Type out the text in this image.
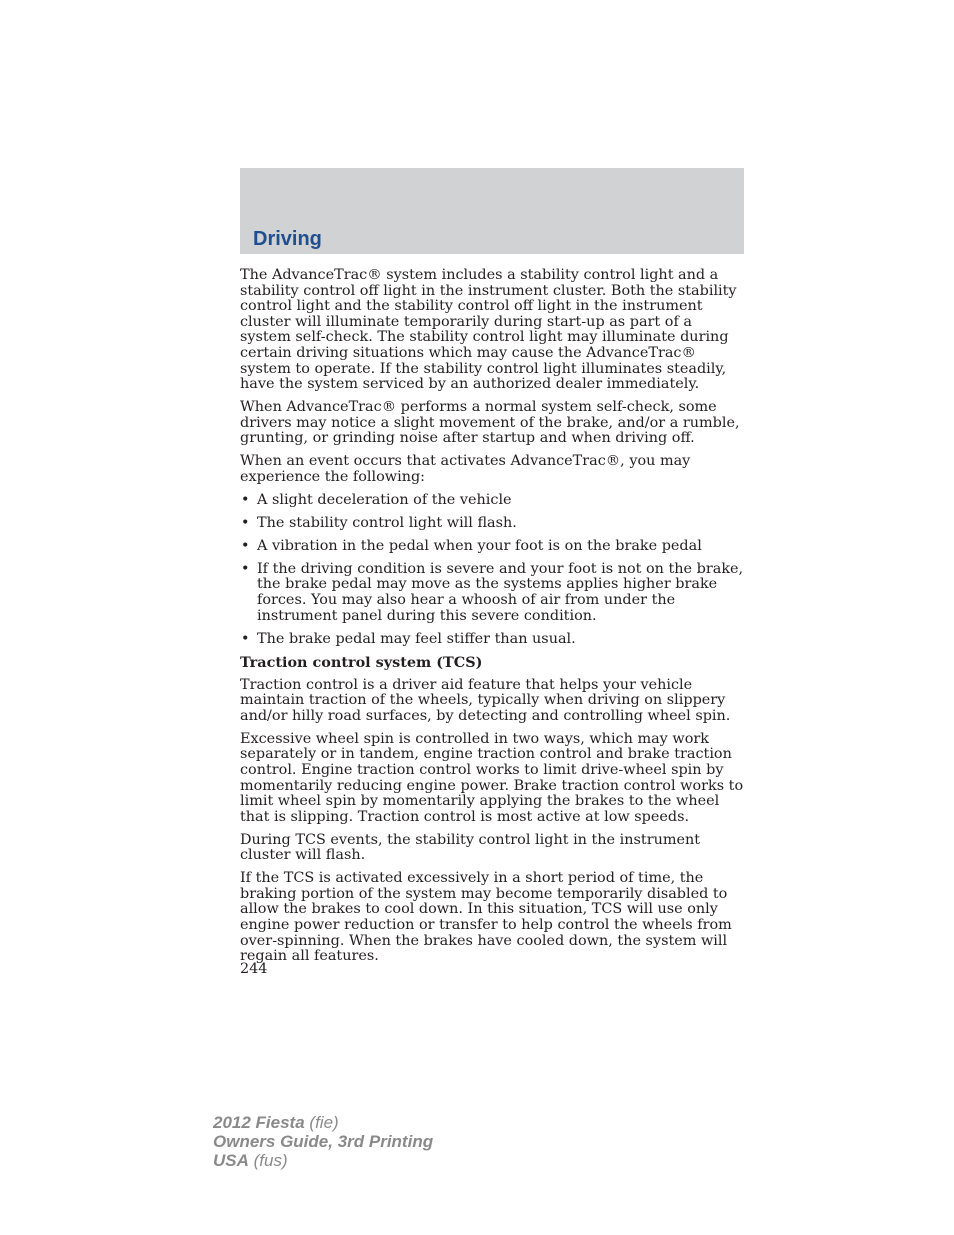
Driving

The AdvanceTrac® system includes a stability control light and a stability control off light in the instrument cluster. Both the stability control light and the stability control off light in the instrument cluster will illuminate temporarily during start-up as part of a system self-check. The stability control light may illuminate during certain driving situations which may cause the AdvanceTrac® system to operate. If the stability control light illuminates steadily, have the system serviced by an authorized dealer immediately.

When AdvanceTrac® performs a normal system self-check, some drivers may notice a slight movement of the brake, and/or a rumble, grunting, or grinding noise after startup and when driving off.

When an event occurs that activates AdvanceTrac®, you may experience the following:

• A slight deceleration of the vehicle
• The stability control light will flash.
• A vibration in the pedal when your foot is on the brake pedal
• If the driving condition is severe and your foot is not on the brake, the brake pedal may move as the systems applies higher brake forces. You may also hear a whoosh of air from under the instrument panel during this severe condition.
• The brake pedal may feel stiffer than usual.
Traction control system (TCS)

Traction control is a driver aid feature that helps your vehicle maintain traction of the wheels, typically when driving on slippery and/or hilly road surfaces, by detecting and controlling wheel spin.

Excessive wheel spin is controlled in two ways, which may work separately or in tandem, engine traction control and brake traction control. Engine traction control works to limit drive-wheel spin by momentarily reducing engine power. Brake traction control works to limit wheel spin by momentarily applying the brakes to the wheel that is slipping. Traction control is most active at low speeds.

During TCS events, the stability control light in the instrument cluster will flash.

If the TCS is activated excessively in a short period of time, the braking portion of the system may become temporarily disabled to allow the brakes to cool down. In this situation, TCS will use only engine power reduction or transfer to help control the wheels from over-spinning. When the brakes have cooled down, the system will regain all features.

244
2012 Fiesta (fie)
Owners Guide, 3rd Printing
USA (fus)
